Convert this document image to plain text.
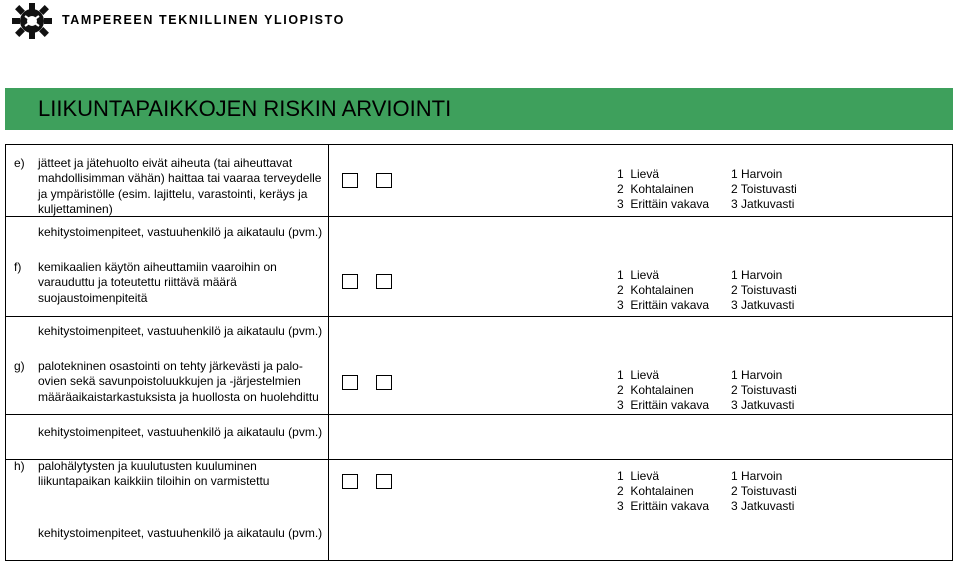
TAMPEREEN TEKNILLINEN YLIOPISTO
LIIKUNTAPAIKKOJEN RISKIN ARVIOINTI
e) jätteet ja jätehuolto eivät aiheuta (tai aiheuttavat mahdollisimman vähän) haittaa tai vaaraa terveydelle ja ympäristölle (esim. lajittelu, varastointi, keräys ja kuljettaminen)
1  Lievä
2  Kohtalainen
3  Erittäin vakava
1 Harvoin
2 Toistuvasti
3 Jatkuvasti
kehitystoimenpiteet, vastuuhenkilö ja aikataulu (pvm.)
f) kemikaalien käytön aiheuttamiin vaaroihin on varauduttu ja toteutettu riittävä määrä suojaustoimenpiteitä
1  Lievä
2  Kohtalainen
3  Erittäin vakava
1 Harvoin
2 Toistuvasti
3 Jatkuvasti
kehitystoimenpiteet, vastuuhenkilö ja aikataulu (pvm.)
g) palotekninen osastointi on tehty järkevästi ja palo-ovien sekä savunpoistoluukkujen ja -järjestelmien määräaikaistarkastuksista ja huollosta on huolehdittu
1  Lievä
2  Kohtalainen
3  Erittäin vakava
1 Harvoin
2 Toistuvasti
3 Jatkuvasti
kehitystoimenpiteet, vastuuhenkilö ja aikataulu (pvm.)
h) palohälytysten ja kuulutusten kuuluminen liikuntapaikan kaikkiin tiloihin on varmistettu	1  Lievä
2  Kohtalainen
3  Erittäin vakava
1 Harvoin
2 Toistuvasti
3 Jatkuvasti
kehitystoimenpiteet, vastuuhenkilö ja aikataulu (pvm.)
